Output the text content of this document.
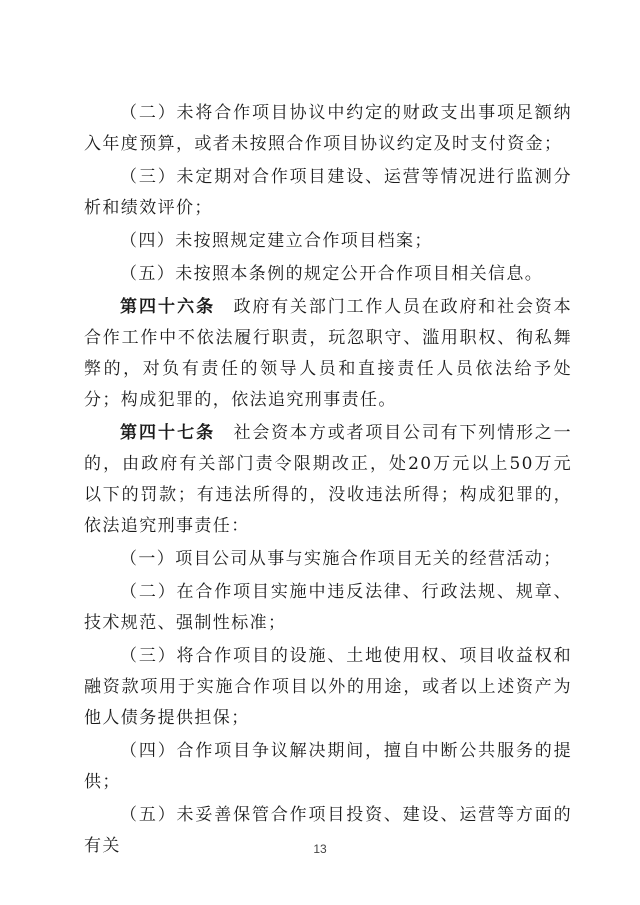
（二）未将合作项目协议中约定的财政支出事项足额纳入年度预算，或者未按照合作项目协议约定及时支付资金；

（三）未定期对合作项目建设、运营等情况进行监测分析和绩效评价；

（四）未按照规定建立合作项目档案；

（五）未按照本条例的规定公开合作项目相关信息。

第四十六条 政府有关部门工作人员在政府和社会资本合作工作中不依法履行职责，玩忽职守、滥用职权、徇私舞弊的，对负有责任的领导人员和直接责任人员依法给予处分；构成犯罪的，依法追究刑事责任。

第四十七条 社会资本方或者项目公司有下列情形之一的，由政府有关部门责令限期改正，处20万元以上50万元以下的罚款；有违法所得的，没收违法所得；构成犯罪的，依法追究刑事责任：

（一）项目公司从事与实施合作项目无关的经营活动；

（二）在合作项目实施中违反法律、行政法规、规章、技术规范、强制性标准；

（三）将合作项目的设施、土地使用权、项目收益权和融资款项用于实施合作项目以外的用途，或者以上述资产为他人债务提供担保；

（四）合作项目争议解决期间，擅自中断公共服务的提供；

（五）未妥善保管合作项目投资、建设、运营等方面的有关	13
